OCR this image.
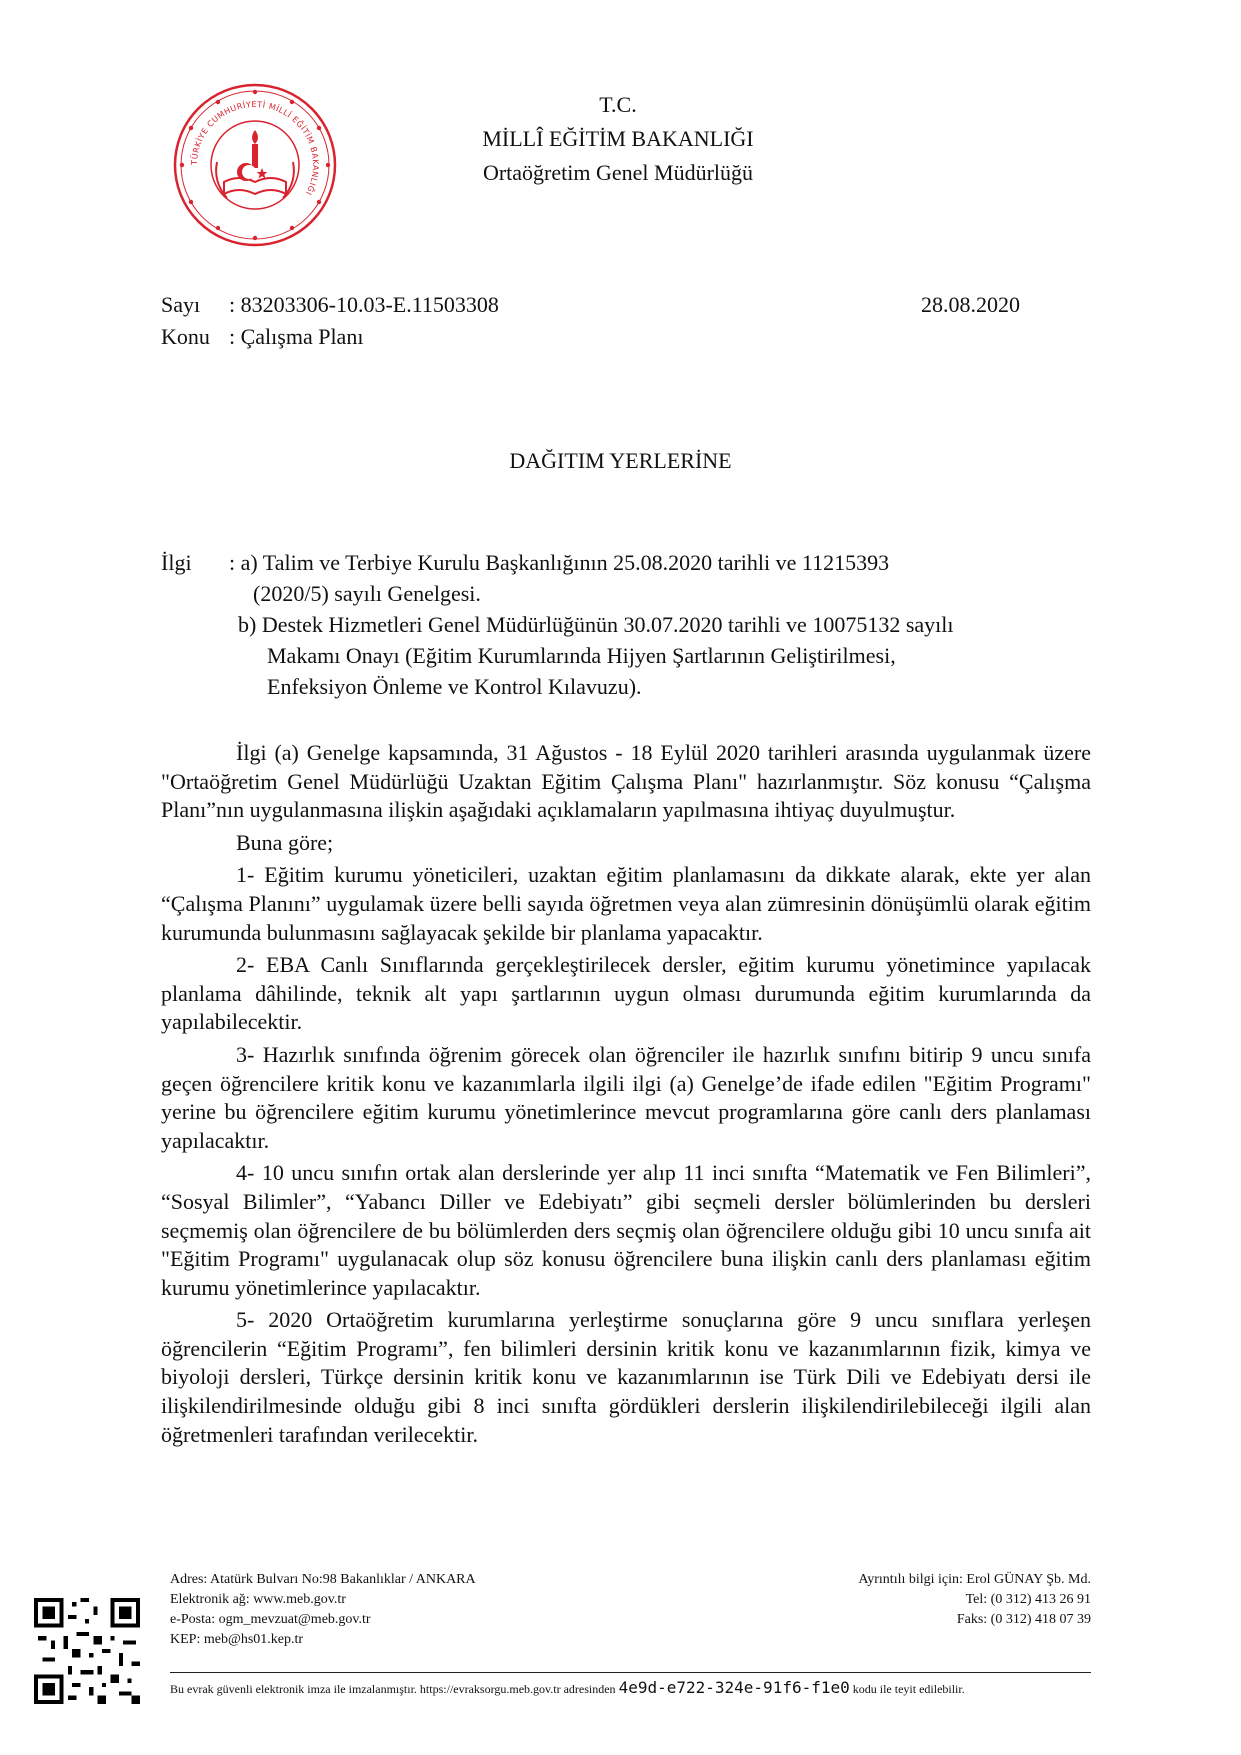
TÜRKİYE CUMHURİYETİ MİLLÎ EĞİTİM BAKANLIĞI
T.C.
MİLLÎ EĞİTİM BAKANLIĞI
Ortaöğretim Genel Müdürlüğü
Sayı : 83203306-10.03-E.11503308
Konu : Çalışma Planı
28.08.2020
DAĞITIM YERLERİNE
İlgi : a) Talim ve Terbiye Kurulu Başkanlığının 25.08.2020 tarihli ve 11215393
(2020/5) sayılı Genelgesi.
b) Destek Hizmetleri Genel Müdürlüğünün 30.07.2020 tarihli ve 10075132 sayılı
Makamı Onayı (Eğitim Kurumlarında Hijyen Şartlarının Geliştirilmesi,
Enfeksiyon Önleme ve Kontrol Kılavuzu).

İlgi (a) Genelge kapsamında, 31 Ağustos - 18 Eylül 2020 tarihleri arasında uygulanmak üzere "Ortaöğretim Genel Müdürlüğü Uzaktan Eğitim Çalışma Planı" hazırlanmıştır. Söz konusu “Çalışma Planı”nın uygulanmasına ilişkin aşağıdaki açıklamaların yapılmasına ihtiyaç duyulmuştur.

Buna göre;

1- Eğitim kurumu yöneticileri, uzaktan eğitim planlamasını da dikkate alarak, ekte yer alan “Çalışma Planını” uygulamak üzere belli sayıda öğretmen veya alan zümresinin dönüşümlü olarak eğitim kurumunda bulunmasını sağlayacak şekilde bir planlama yapacaktır.

2- EBA Canlı Sınıflarında gerçekleştirilecek dersler, eğitim kurumu yönetimince yapılacak planlama dâhilinde, teknik alt yapı şartlarının uygun olması durumunda eğitim kurumlarında da yapılabilecektir.

3- Hazırlık sınıfında öğrenim görecek olan öğrenciler ile hazırlık sınıfını bitirip 9 uncu sınıfa geçen öğrencilere kritik konu ve kazanımlarla ilgili ilgi (a) Genelge’de ifade edilen "Eğitim Programı" yerine bu öğrencilere eğitim kurumu yönetimlerince mevcut programlarına göre canlı ders planlaması yapılacaktır.

4- 10 uncu sınıfın ortak alan derslerinde yer alıp 11 inci sınıfta “Matematik ve Fen Bilimleri”, “Sosyal Bilimler”, “Yabancı Diller ve Edebiyatı” gibi seçmeli dersler bölümlerinden bu dersleri seçmemiş olan öğrencilere de bu bölümlerden ders seçmiş olan öğrencilere olduğu gibi 10 uncu sınıfa ait "Eğitim Programı" uygulanacak olup söz konusu öğrencilere buna ilişkin canlı ders planlaması eğitim kurumu yönetimlerince yapılacaktır.

5- 2020 Ortaöğretim kurumlarına yerleştirme sonuçlarına göre 9 uncu sınıflara yerleşen öğrencilerin “Eğitim Programı”, fen bilimleri dersinin kritik konu ve kazanımlarının fizik, kimya ve biyoloji dersleri, Türkçe dersinin kritik konu ve kazanımlarının ise Türk Dili ve Edebiyatı dersi ile ilişkilendirilmesinde olduğu gibi 8 inci sınıfta gördükleri derslerin ilişkilendirilebileceği ilgili alan öğretmenleri tarafından verilecektir.

Adres: Atatürk Bulvarı No:98 Bakanlıklar / ANKARA
Elektronik ağ: www.meb.gov.tr
e-Posta: ogm_mevzuat@meb.gov.tr
KEP: meb@hs01.kep.tr
Ayrıntılı bilgi için: Erol GÜNAY Şb. Md.
Tel: (0 312) 413 26 91
Faks: (0 312) 418 07 39
Bu evrak güvenli elektronik imza ile imzalanmıştır. https://evraksorgu.meb.gov.tr adresinden 4e9d-e722-324e-91f6-f1e0 kodu ile teyit edilebilir.
